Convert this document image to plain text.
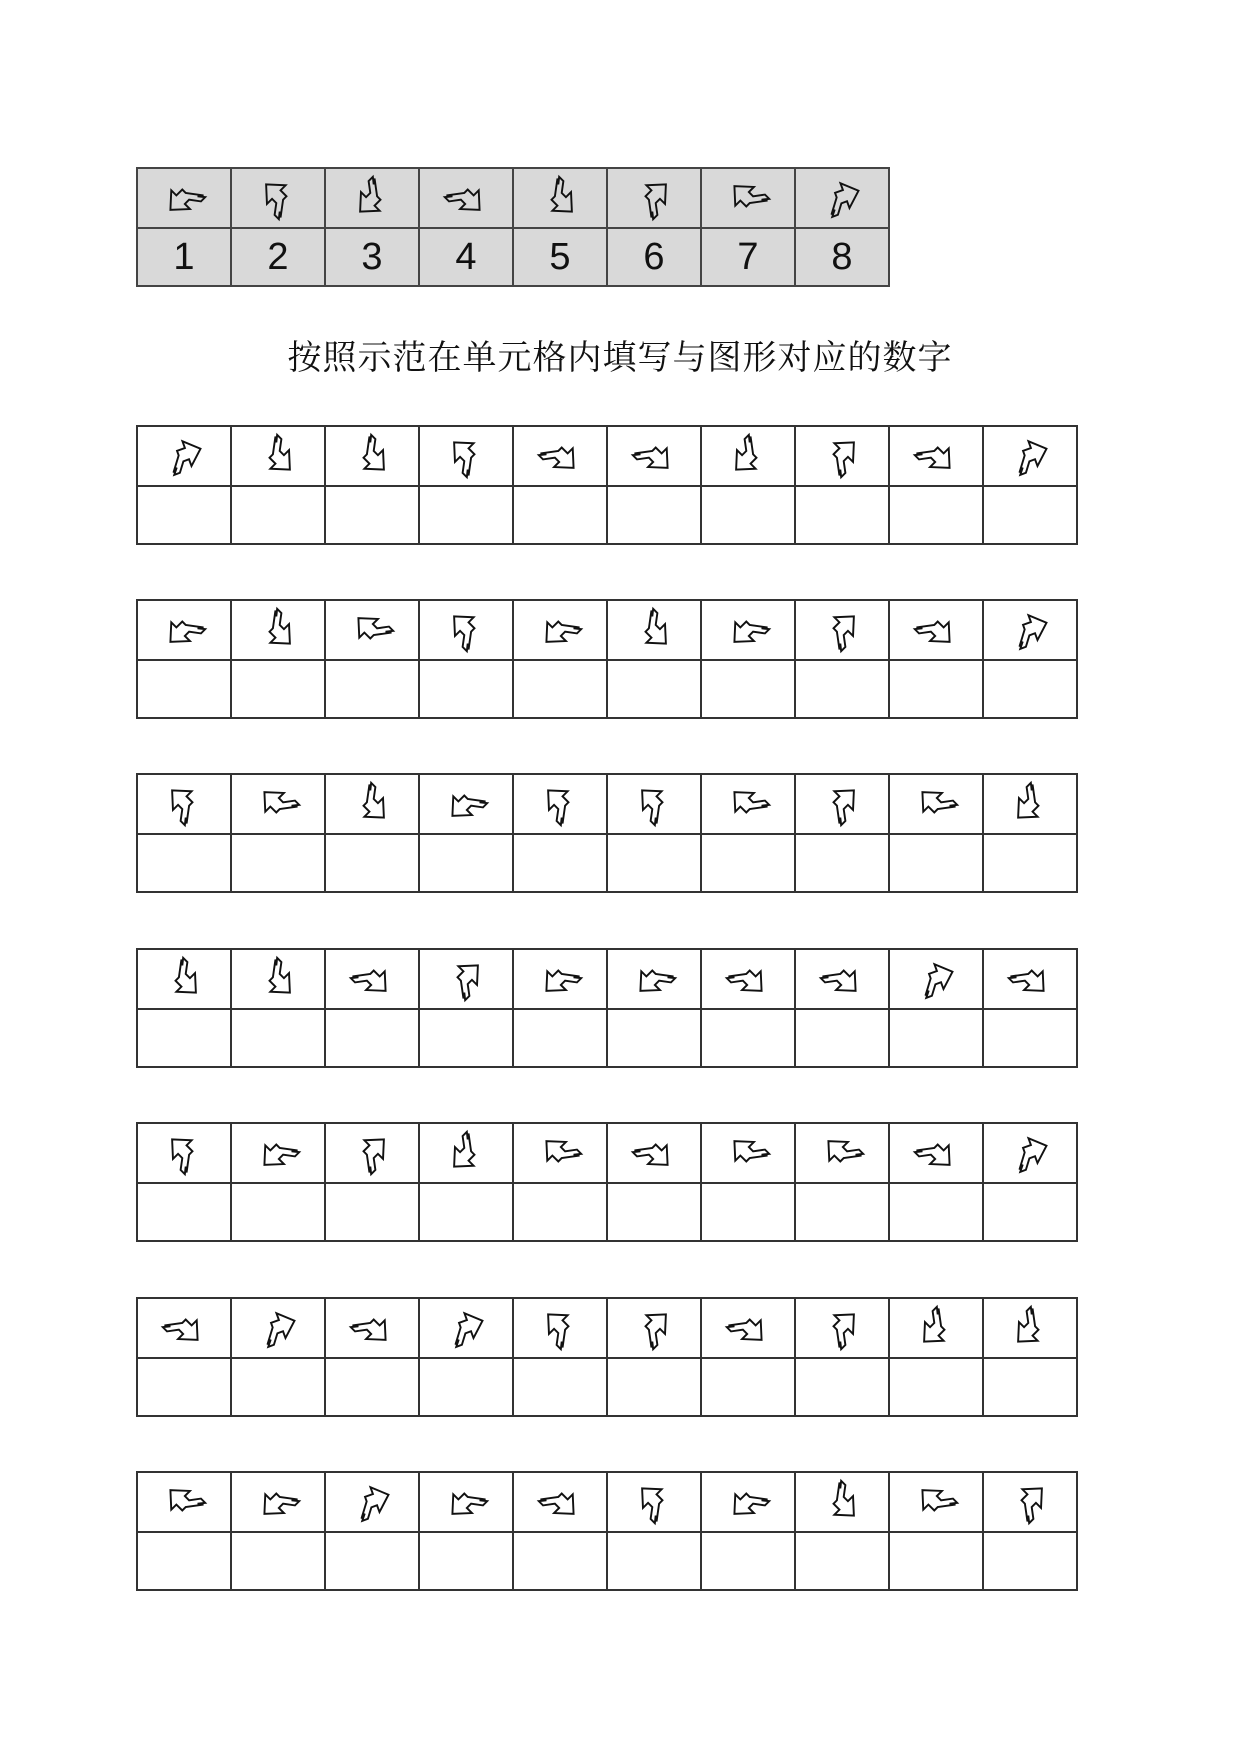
1	2	3	4	5	6	7	8
按照示范在单元格内填写与图形对应的数字
